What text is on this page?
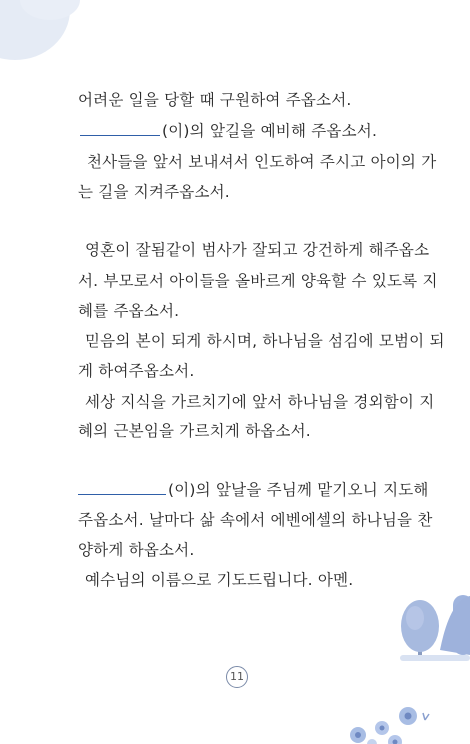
어려운 일을 당할 때 구원하여 주옵소서.
(이)의 앞길을 예비해 주옵소서.
천사들을 앞서 보내셔서 인도하여 주시고 아이의 가
는 길을 지켜주옵소서.
영혼이 잘됨같이 범사가 잘되고 강건하게 해주옵소
서. 부모로서 아이들을 올바르게 양육할 수 있도록 지
혜를 주옵소서.
믿음의 본이 되게 하시며, 하나님을 섬김에 모범이 되
게 하여주옵소서.
세상 지식을 가르치기에 앞서 하나님을 경외함이 지
혜의 근본임을 가르치게 하옵소서.
(이)의 앞날을 주님께 맡기오니 지도해
주옵소서. 날마다 삶 속에서 에벤에셀의 하나님을 찬
양하게 하옵소서.
예수님의 이름으로 기도드립니다. 아멘.
11
